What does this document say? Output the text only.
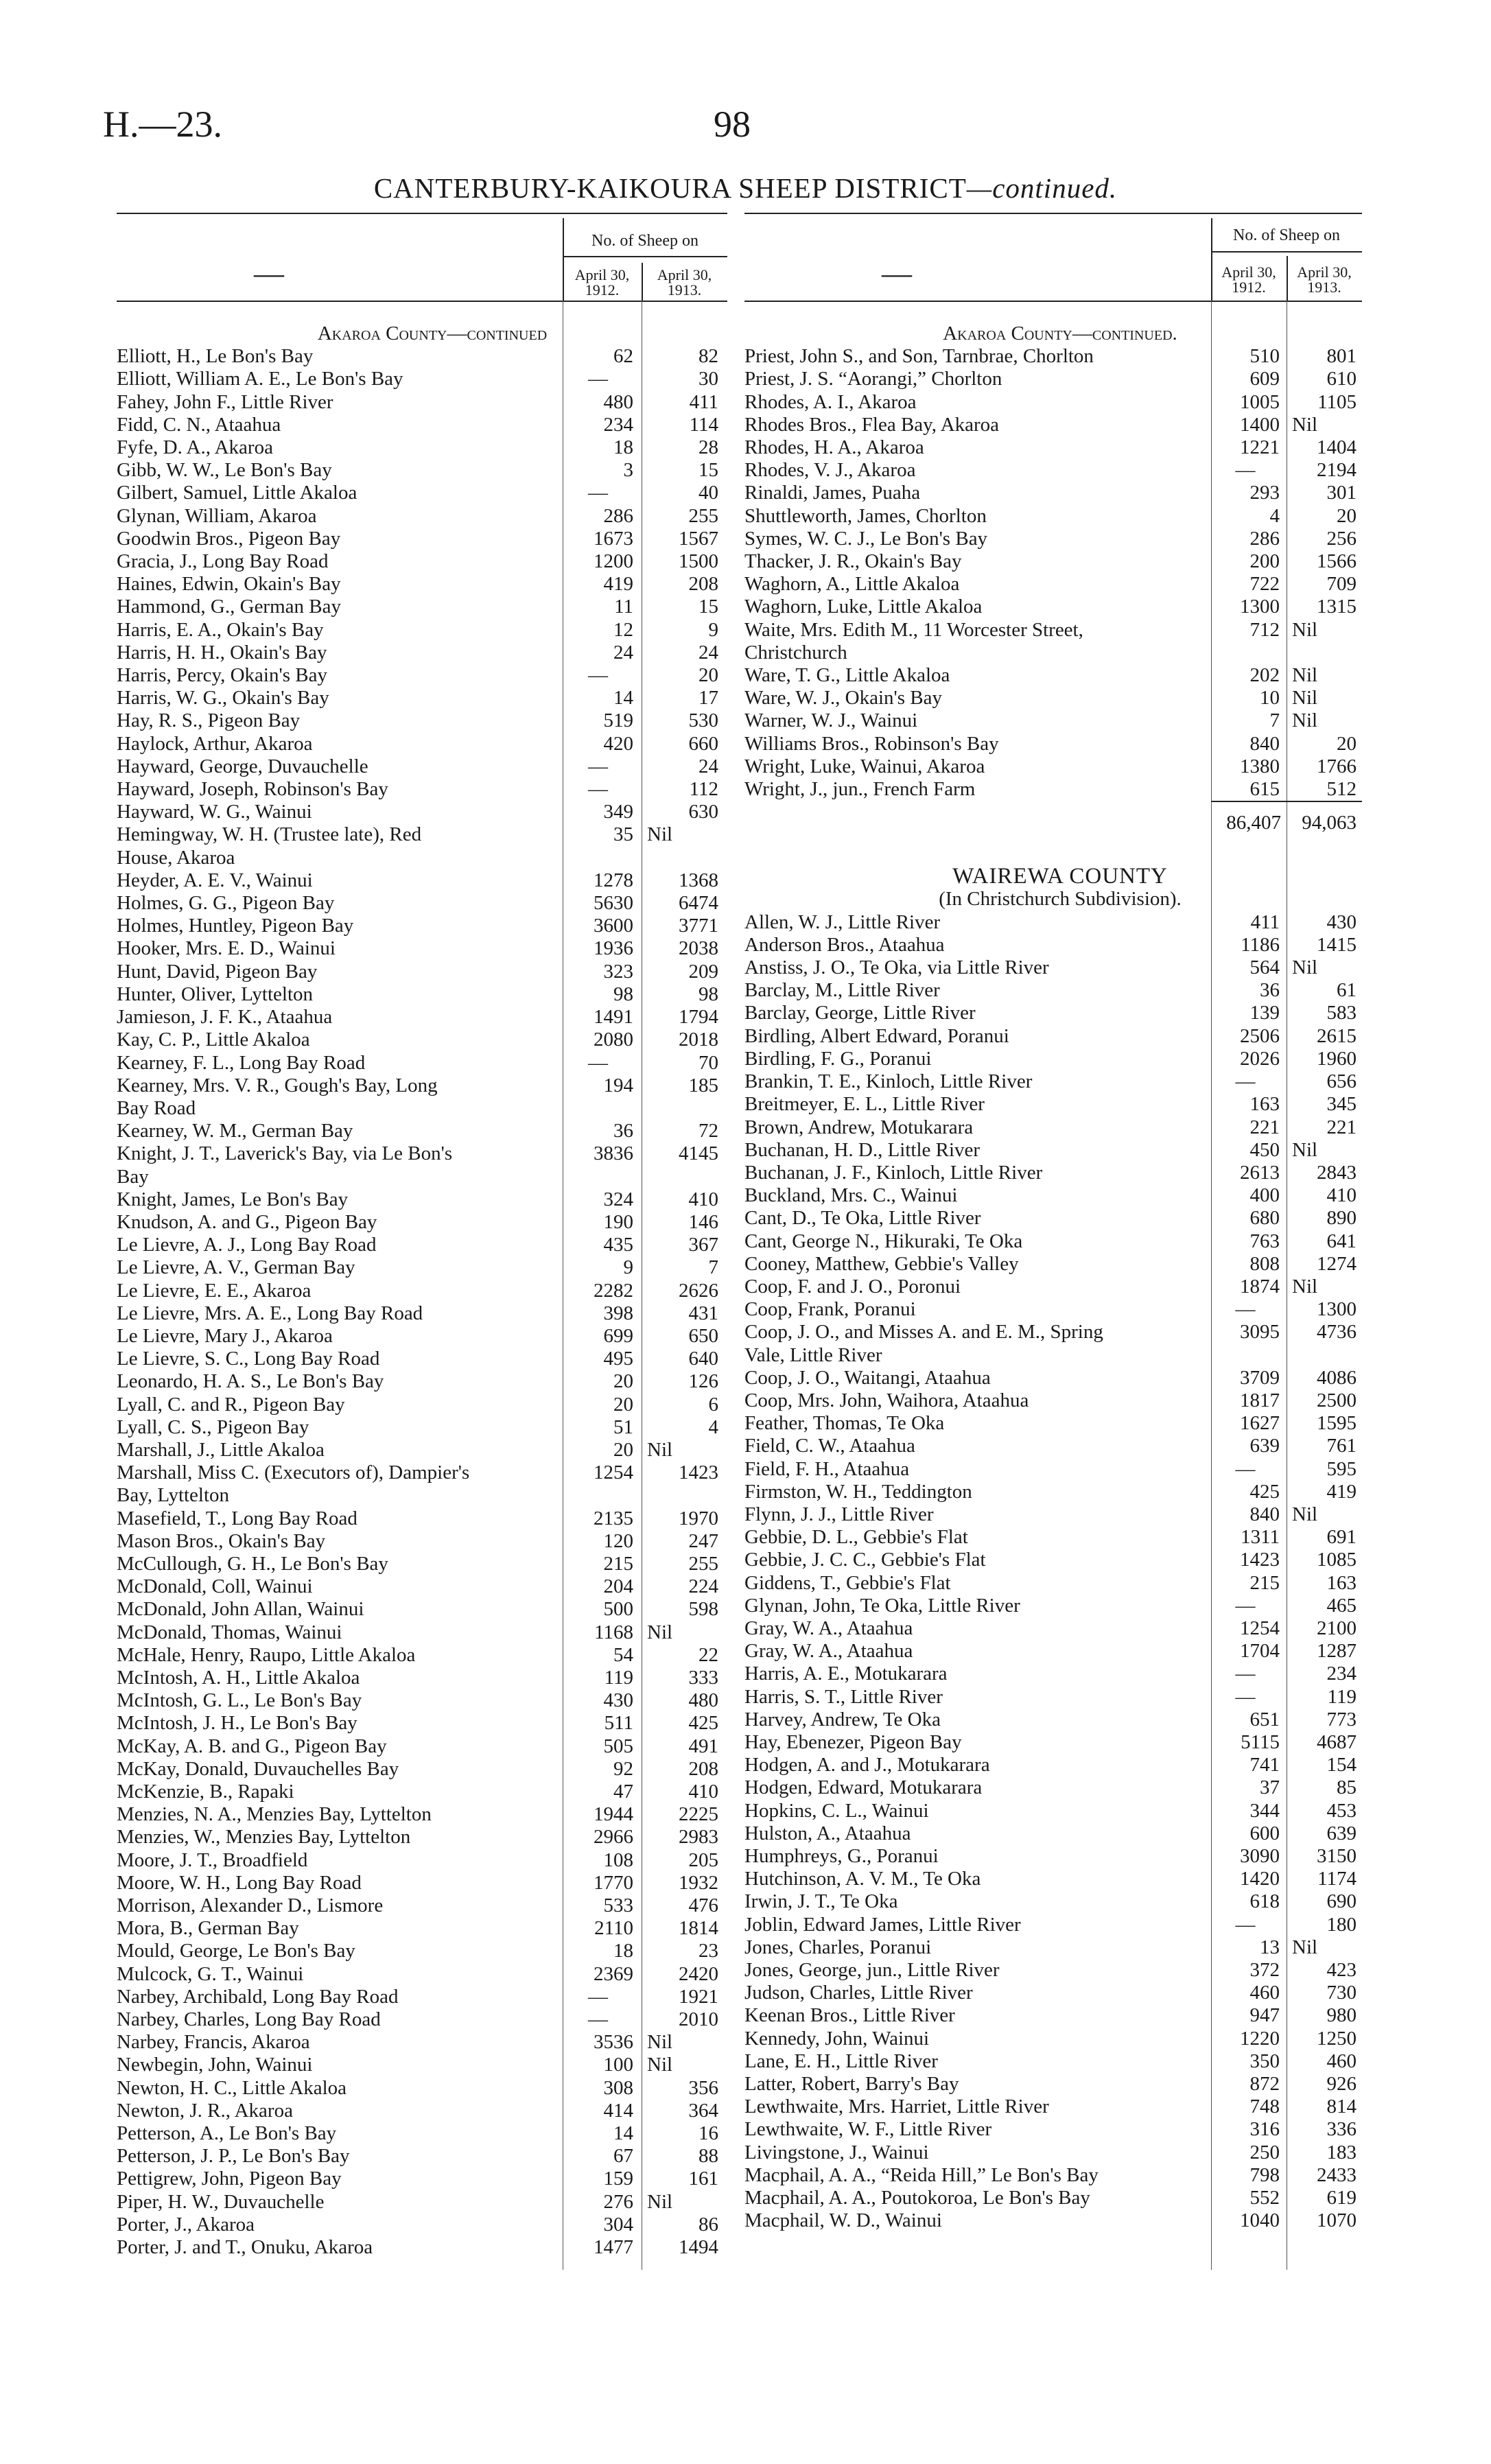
H.—23.	98
CANTERBURY-KAIKOURA SHEEP DISTRICT—continued.
—
No. of Sheep on
April 30,
1912.
April 30,
1913.
Akaroa County—continued
Elliott, H., Le Bon's Bay	62	82
Elliott, William A. E., Le Bon's Bay	—	30
Fahey, John F., Little River	480	411
Fidd, C. N., Ataahua	234	114
Fyfe, D. A., Akaroa	18	28
Gibb, W. W., Le Bon's Bay	3	15
Gilbert, Samuel, Little Akaloa	—	40
Glynan, William, Akaroa	286	255
Goodwin Bros., Pigeon Bay	1673	1567
Gracia, J., Long Bay Road	1200	1500
Haines, Edwin, Okain's Bay	419	208
Hammond, G., German Bay	11	15
Harris, E. A., Okain's Bay	12	9
Harris, H. H., Okain's Bay	24	24
Harris, Percy, Okain's Bay	—	20
Harris, W. G., Okain's Bay	14	17
Hay, R. S., Pigeon Bay	519	530
Haylock, Arthur, Akaroa	420	660
Hayward, George, Duvauchelle	—	24
Hayward, Joseph, Robinson's Bay	—	112
Hayward, W. G., Wainui	349	630
Hemingway, W. H. (Trustee late), Red	35 Nil
House, Akaroa
Heyder, A. E. V., Wainui	1278	1368
Holmes, G. G., Pigeon Bay	5630	6474
Holmes, Huntley, Pigeon Bay	3600	3771
Hooker, Mrs. E. D., Wainui	1936	2038
Hunt, David, Pigeon Bay	323	209
Hunter, Oliver, Lyttelton	98	98
Jamieson, J. F. K., Ataahua	1491	1794
Kay, C. P., Little Akaloa	2080	2018
Kearney, F. L., Long Bay Road	—	70
Kearney, Mrs. V. R., Gough's Bay, Long	194	185
Bay Road
Kearney, W. M., German Bay	36	72
Knight, J. T., Laverick's Bay, via Le Bon's	3836	4145
Bay
Knight, James, Le Bon's Bay	324	410
Knudson, A. and G., Pigeon Bay	190	146
Le Lievre, A. J., Long Bay Road	435	367
Le Lievre, A. V., German Bay	9	7
Le Lievre, E. E., Akaroa	2282	2626
Le Lievre, Mrs. A. E., Long Bay Road	398	431
Le Lievre, Mary J., Akaroa	699	650
Le Lievre, S. C., Long Bay Road	495	640
Leonardo, H. A. S., Le Bon's Bay	20	126
Lyall, C. and R., Pigeon Bay	20	6
Lyall, C. S., Pigeon Bay	51	4
Marshall, J., Little Akaloa	20 Nil
Marshall, Miss C. (Executors of), Dampier's	1254	1423
Bay, Lyttelton
Masefield, T., Long Bay Road	2135	1970
Mason Bros., Okain's Bay	120	247
McCullough, G. H., Le Bon's Bay	215	255
McDonald, Coll, Wainui	204	224
McDonald, John Allan, Wainui	500	598
McDonald, Thomas, Wainui	1168 Nil
McHale, Henry, Raupo, Little Akaloa	54	22
McIntosh, A. H., Little Akaloa	119	333
McIntosh, G. L., Le Bon's Bay	430	480
McIntosh, J. H., Le Bon's Bay	511	425
McKay, A. B. and G., Pigeon Bay	505	491
McKay, Donald, Duvauchelles Bay	92	208
McKenzie, B., Rapaki	47	410
Menzies, N. A., Menzies Bay, Lyttelton	1944	2225
Menzies, W., Menzies Bay, Lyttelton	2966	2983
Moore, J. T., Broadfield	108	205
Moore, W. H., Long Bay Road	1770	1932
Morrison, Alexander D., Lismore	533	476
Mora, B., German Bay	2110	1814
Mould, George, Le Bon's Bay	18	23
Mulcock, G. T., Wainui	2369	2420
Narbey, Archibald, Long Bay Road	—	1921
Narbey, Charles, Long Bay Road	—	2010
Narbey, Francis, Akaroa	3536 Nil
Newbegin, John, Wainui	100 Nil
Newton, H. C., Little Akaloa	308	356
Newton, J. R., Akaroa	414	364
Petterson, A., Le Bon's Bay	14	16
Petterson, J. P., Le Bon's Bay	67	88
Pettigrew, John, Pigeon Bay	159	161
Piper, H. W., Duvauchelle	276 Nil
Porter, J., Akaroa	304	86
Porter, J. and T., Onuku, Akaroa	1477	1494
—
No. of Sheep on
April 30,
1912.
April 30,
1913.
Akaroa County—continued.
Priest, John S., and Son, Tarnbrae, Chorlton	510	801
Priest, J. S. “Aorangi,” Chorlton	609	610
Rhodes, A. I., Akaroa	1005	1105
Rhodes Bros., Flea Bay, Akaroa	1400 Nil
Rhodes, H. A., Akaroa	1221	1404
Rhodes, V. J., Akaroa	—	2194
Rinaldi, James, Puaha	293	301
Shuttleworth, James, Chorlton	4	20
Symes, W. C. J., Le Bon's Bay	286	256
Thacker, J. R., Okain's Bay	200	1566
Waghorn, A., Little Akaloa	722	709
Waghorn, Luke, Little Akaloa	1300	1315
Waite, Mrs. Edith M., 11 Worcester Street,	712 Nil
Christchurch
Ware, T. G., Little Akaloa	202 Nil
Ware, W. J., Okain's Bay	10 Nil
Warner, W. J., Wainui	7 Nil
Williams Bros., Robinson's Bay	840	20
Wright, Luke, Wainui, Akaroa	1380	1766
Wright, J., jun., French Farm	615	512
86,407	94,063
WAIREWA COUNTY
(In Christchurch Subdivision).
Allen, W. J., Little River	411	430
Anderson Bros., Ataahua	1186	1415
Anstiss, J. O., Te Oka, via Little River	564 Nil
Barclay, M., Little River	36	61
Barclay, George, Little River	139	583
Birdling, Albert Edward, Poranui	2506	2615
Birdling, F. G., Poranui	2026	1960
Brankin, T. E., Kinloch, Little River	—	656
Breitmeyer, E. L., Little River	163	345
Brown, Andrew, Motukarara	221	221
Buchanan, H. D., Little River	450 Nil
Buchanan, J. F., Kinloch, Little River	2613	2843
Buckland, Mrs. C., Wainui	400	410
Cant, D., Te Oka, Little River	680	890
Cant, George N., Hikuraki, Te Oka	763	641
Cooney, Matthew, Gebbie's Valley	808	1274
Coop, F. and J. O., Poronui	1874 Nil
Coop, Frank, Poranui	—	1300
Coop, J. O., and Misses A. and E. M., Spring	3095	4736
Vale, Little River
Coop, J. O., Waitangi, Ataahua	3709	4086
Coop, Mrs. John, Waihora, Ataahua	1817	2500
Feather, Thomas, Te Oka	1627	1595
Field, C. W., Ataahua	639	761
Field, F. H., Ataahua	—	595
Firmston, W. H., Teddington	425	419
Flynn, J. J., Little River	840 Nil
Gebbie, D. L., Gebbie's Flat	1311	691
Gebbie, J. C. C., Gebbie's Flat	1423	1085
Giddens, T., Gebbie's Flat	215	163
Glynan, John, Te Oka, Little River	—	465
Gray, W. A., Ataahua	1254	2100
Gray, W. A., Ataahua	1704	1287
Harris, A. E., Motukarara	—	234
Harris, S. T., Little River	—	119
Harvey, Andrew, Te Oka	651	773
Hay, Ebenezer, Pigeon Bay	5115	4687
Hodgen, A. and J., Motukarara	741	154
Hodgen, Edward, Motukarara	37	85
Hopkins, C. L., Wainui	344	453
Hulston, A., Ataahua	600	639
Humphreys, G., Poranui	3090	3150
Hutchinson, A. V. M., Te Oka	1420	1174
Irwin, J. T., Te Oka	618	690
Joblin, Edward James, Little River	—	180
Jones, Charles, Poranui	13 Nil
Jones, George, jun., Little River	372	423
Judson, Charles, Little River	460	730
Keenan Bros., Little River	947	980
Kennedy, John, Wainui	1220	1250
Lane, E. H., Little River	350	460
Latter, Robert, Barry's Bay	872	926
Lewthwaite, Mrs. Harriet, Little River	748	814
Lewthwaite, W. F., Little River	316	336
Livingstone, J., Wainui	250	183
Macphail, A. A., “Reida Hill,” Le Bon's Bay	798	2433
Macphail, A. A., Poutokoroa, Le Bon's Bay	552	619
Macphail, W. D., Wainui	1040	1070
